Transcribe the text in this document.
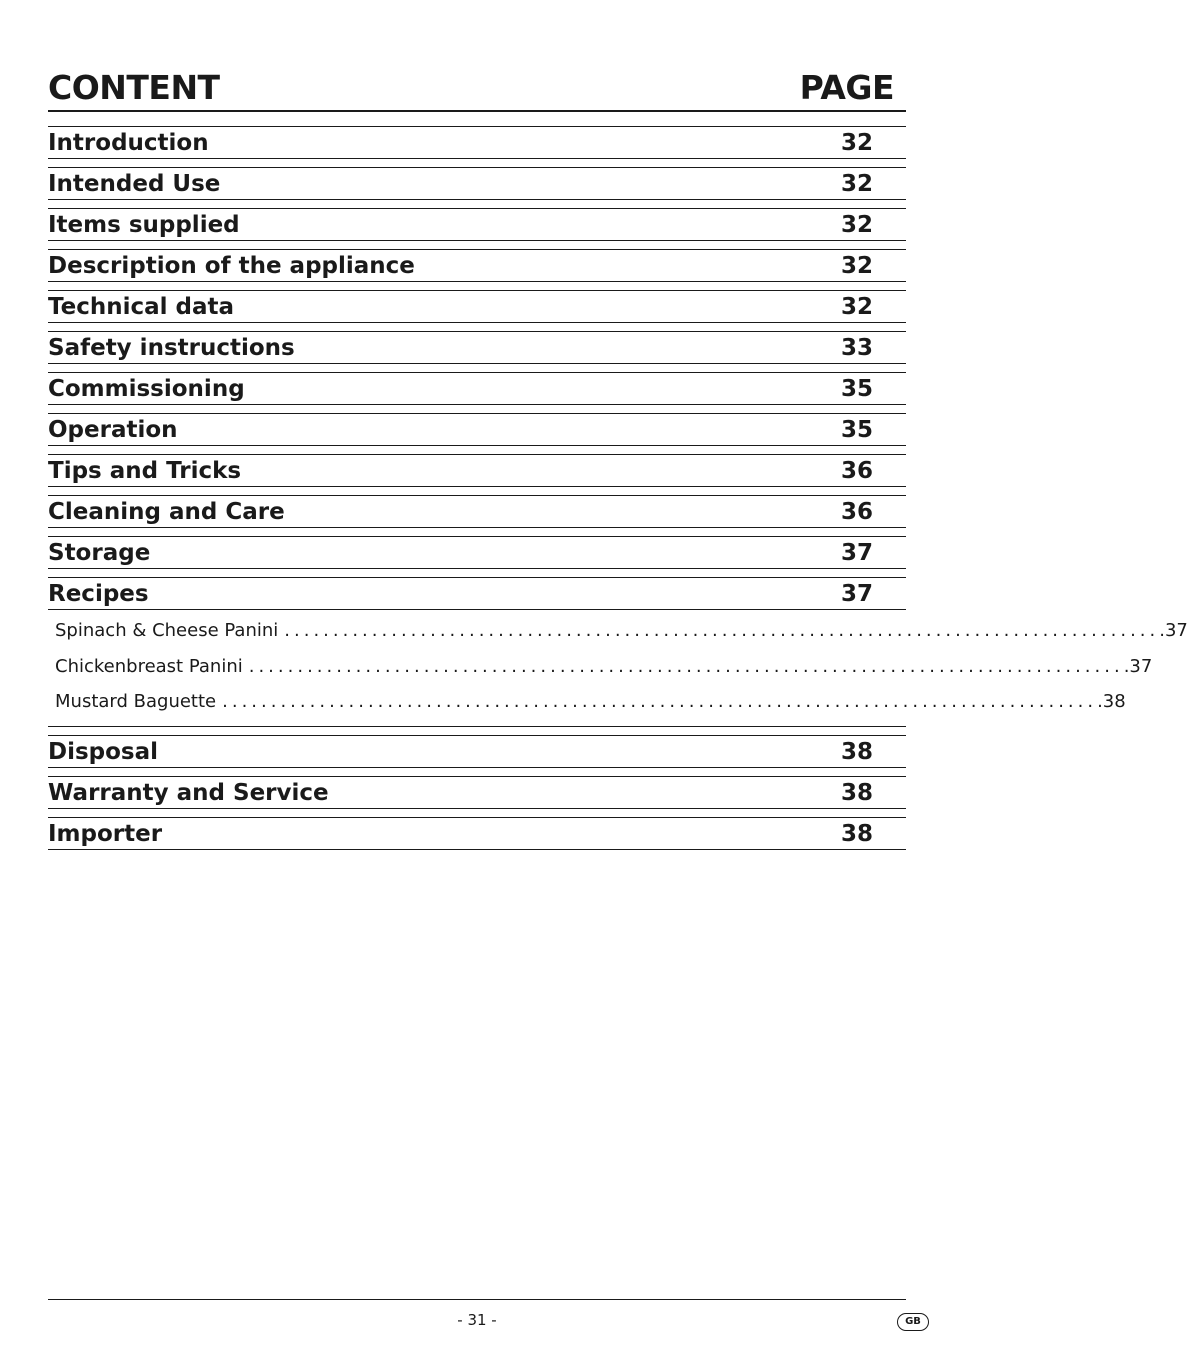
CONTENT	PAGE
Introduction	32
Intended Use	32
Items supplied	32
Description of the appliance	32
Technical data	32
Safety instructions	33
Commissioning	35
Operation	35
Tips and Tricks	36
Cleaning and Care	36
Storage	37
Recipes	37
Spinach & Cheese Panini .......................................................................................... .37
Chickenbreast Panini .......................................................................................... .37
Mustard Baguette .......................................................................................... .38
Disposal	38
Warranty and Service	38
Importer	38
- 31 -	GB
